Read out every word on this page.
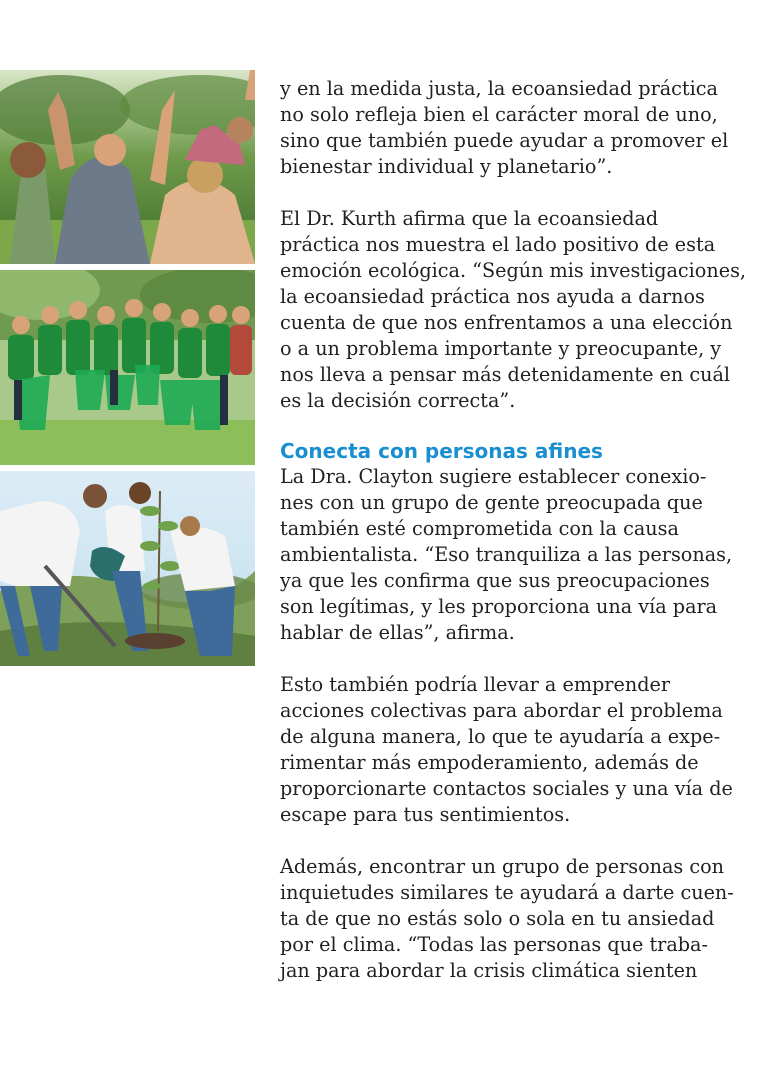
y en la medida justa, la ecoansiedad práctica
no solo refleja bien el carácter moral de uno,
sino que también puede ayudar a promover el
bienestar individual y planetario”.

El Dr. Kurth afirma que la ecoansiedad
práctica nos muestra el lado positivo de esta
emoción ecológica. “Según mis investigaciones,
la ecoansiedad práctica nos ayuda a darnos
cuenta de que nos enfrentamos a una elección
o a un problema importante y preocupante, y
nos lleva a pensar más detenidamente en cuál
es la decisión correcta”.

Conecta con personas afines

La Dra. Clayton sugiere establecer conexio-
nes con un grupo de gente preocupada que
también esté comprometida con la causa
ambientalista. “Eso tranquiliza a las personas,
ya que les confirma que sus preocupaciones
son legítimas, y les proporciona una vía para
hablar de ellas”, afirma.

Esto también podría llevar a emprender
acciones colectivas para abordar el problema
de alguna manera, lo que te ayudaría a expe-
rimentar más empoderamiento, además de
proporcionarte contactos sociales y una vía de
escape para tus sentimientos.

Además, encontrar un grupo de personas con
inquietudes similares te ayudará a darte cuen-
ta de que no estás solo o sola en tu ansiedad
por el clima. “Todas las personas que traba-
jan para abordar la crisis climática sienten
